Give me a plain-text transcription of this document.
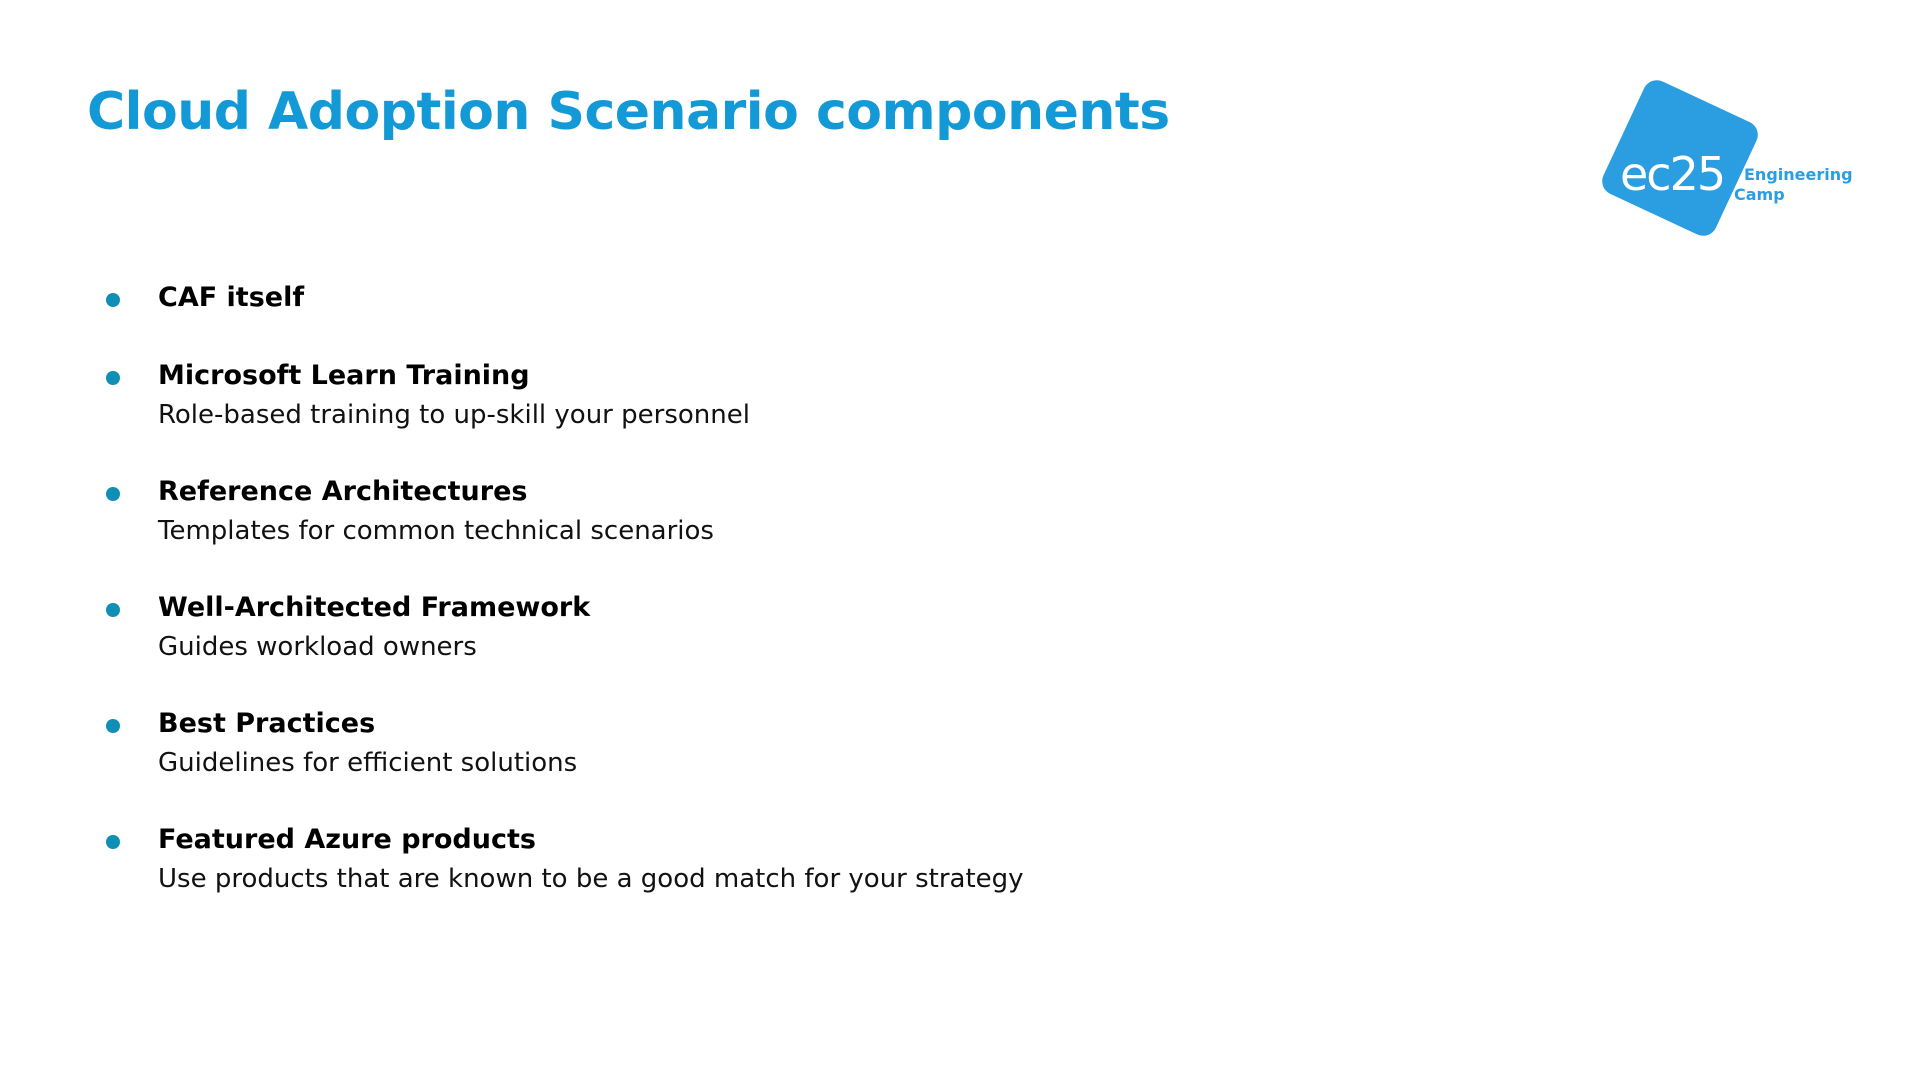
Cloud Adoption Scenario components
ec25	Engineering
Camp
CAF itself
Microsoft Learn Training
Role-based training to up-skill your personnel
Reference Architectures
Templates for common technical scenarios
Well-Architected Framework
Guides workload owners
Best Practices
Guidelines for efficient solutions
Featured Azure products
Use products that are known to be a good match for your strategy
